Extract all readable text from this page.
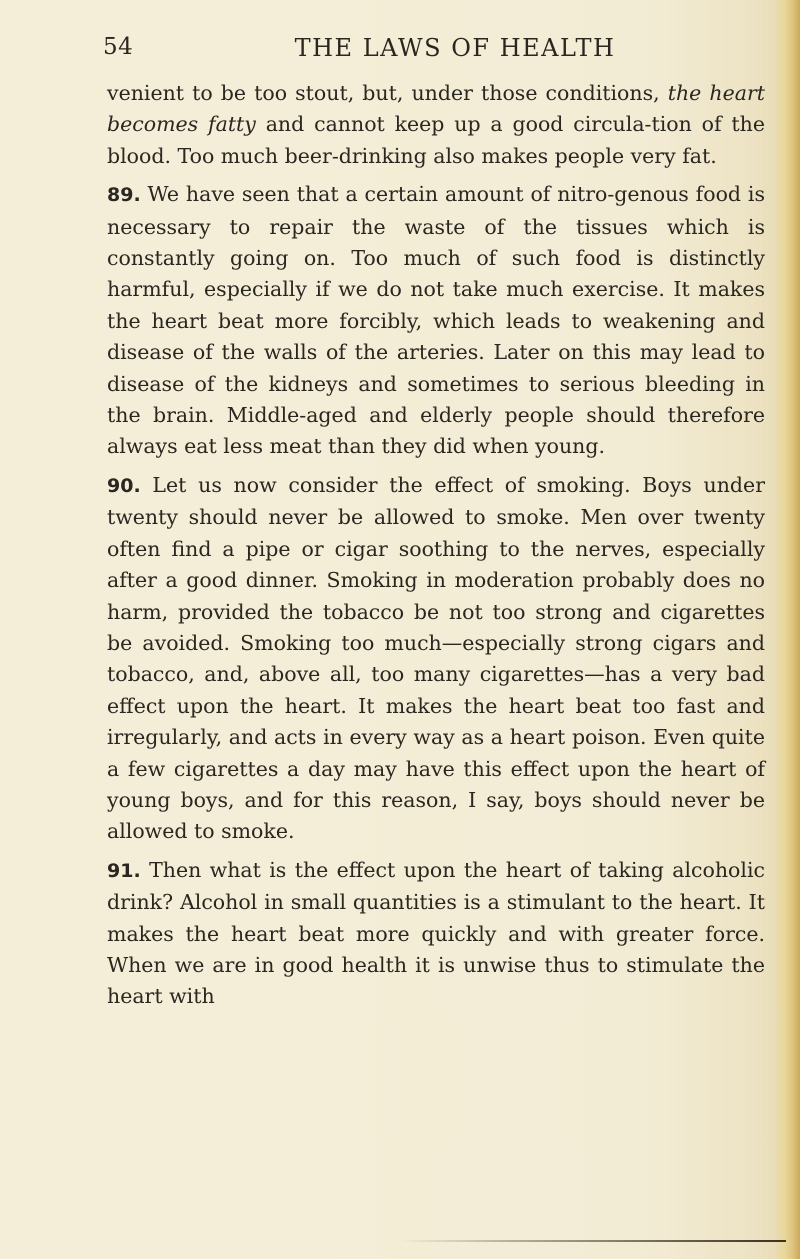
54	THE LAWS OF HEALTH

venient to be too stout, but, under those conditions, the heart becomes fatty and cannot keep up a good circula-tion of the blood. Too much beer-drinking also makes people very fat.

89. We have seen that a certain amount of nitro-genous food is necessary to repair the waste of the tissues which is constantly going on. Too much of such food is distinctly harmful, especially if we do not take much exercise. It makes the heart beat more forcibly, which leads to weakening and disease of the walls of the arteries. Later on this may lead to disease of the kidneys and sometimes to serious bleeding in the brain. Middle-aged and elderly people should therefore always eat less meat than they did when young.

90. Let us now consider the effect of smoking. Boys under twenty should never be allowed to smoke. Men over twenty often find a pipe or cigar soothing to the nerves, especially after a good dinner. Smoking in moderation probably does no harm, provided the tobacco be not too strong and cigarettes be avoided. Smoking too much—especially strong cigars and tobacco, and, above all, too many cigarettes—has a very bad effect upon the heart. It makes the heart beat too fast and irregularly, and acts in every way as a heart poison. Even quite a few cigarettes a day may have this effect upon the heart of young boys, and for this reason, I say, boys should never be allowed to smoke.

91. Then what is the effect upon the heart of taking alcoholic drink? Alcohol in small quantities is a stimulant to the heart. It makes the heart beat more quickly and with greater force. When we are in good health it is unwise thus to stimulate the heart with
